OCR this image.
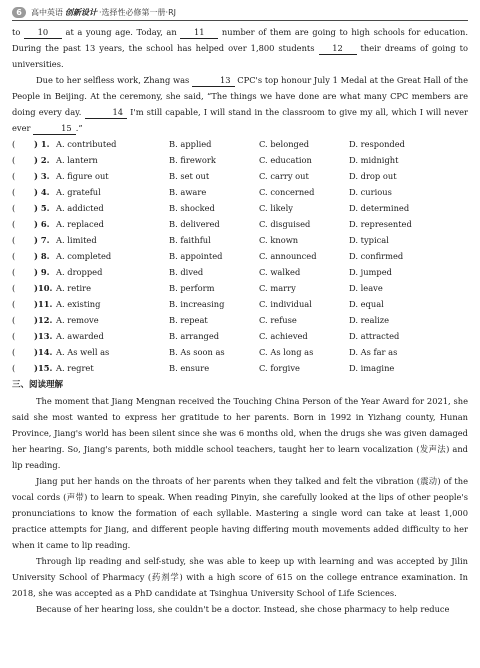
6	高中英语 创新设计 ·选择性必修第一册·RJ

to 10 at a young age. Today, an 11 number of them are going to high schools for education. During the past 13 years, the school has helped over 1,800 students 12 their dreams of going to universities.

Due to her selfless work, Zhang was	13 CPC's top honour July 1 Medal at the Great Hall of the People in Beijing. At the ceremony, she said, “The things we have done are what many CPC members are doing every day.	14 I'm still capable, I will stand in the classroom to give my all, which I will never ever	15 .”

(	) 1. A. contributed	B. applied	C. belonged	D. responded
(	) 2. A. lantern	B. firework	C. education	D. midnight
(	) 3. A. figure out	B. set out	C. carry out	D. drop out
(	) 4. A. grateful	B. aware	C. concerned	D. curious
(	) 5. A. addicted	B. shocked	C. likely	D. determined
(	) 6. A. replaced	B. delivered	C. disguised	D. represented
(	) 7. A. limited	B. faithful	C. known	D. typical
(	) 8. A. completed	B. appointed	C. announced	D. confirmed
(	) 9. A. dropped	B. dived	C. walked	D. jumped
(	)10. A. retire	B. perform	C. marry	D. leave
(	)11. A. existing	B. increasing	C. individual	D. equal
(	)12. A. remove	B. repeat	C. refuse	D. realize
(	)13. A. awarded	B. arranged	C. achieved	D. attracted
(	)14. A. As well as	B. As soon as	C. As long as	D. As far as
(	)15. A. regret	B. ensure	C. forgive	D. imagine
三、阅读理解

The moment that Jiang Mengnan received the Touching China Person of the Year Award for 2021, she said she most wanted to express her gratitude to her parents. Born in 1992 in Yizhang county, Hunan Province, Jiang's world has been silent since she was 6 months old, when the drugs she was given damaged her hearing. So, Jiang's parents, both middle school teachers, taught her to learn vocalization (发声法) and lip reading.

Jiang put her hands on the throats of her parents when they talked and felt the vibration (震动) of the vocal cords (声带) to learn to speak. When reading Pinyin, she carefully looked at the lips of other people's pronunciations to know the formation of each syllable. Mastering a single word can take at least 1,000 practice attempts for Jiang, and different people having differing mouth movements added difficulty to her when it came to lip reading.

Through lip reading and self-study, she was able to keep up with learning and was accepted by Jilin University School of Pharmacy (药剂学) with a high score of 615 on the college entrance examination. In 2018, she was accepted as a PhD candidate at Tsinghua University School of Life Sciences.

Because of her hearing loss, she couldn't be a doctor. Instead, she chose pharmacy to help reduce
